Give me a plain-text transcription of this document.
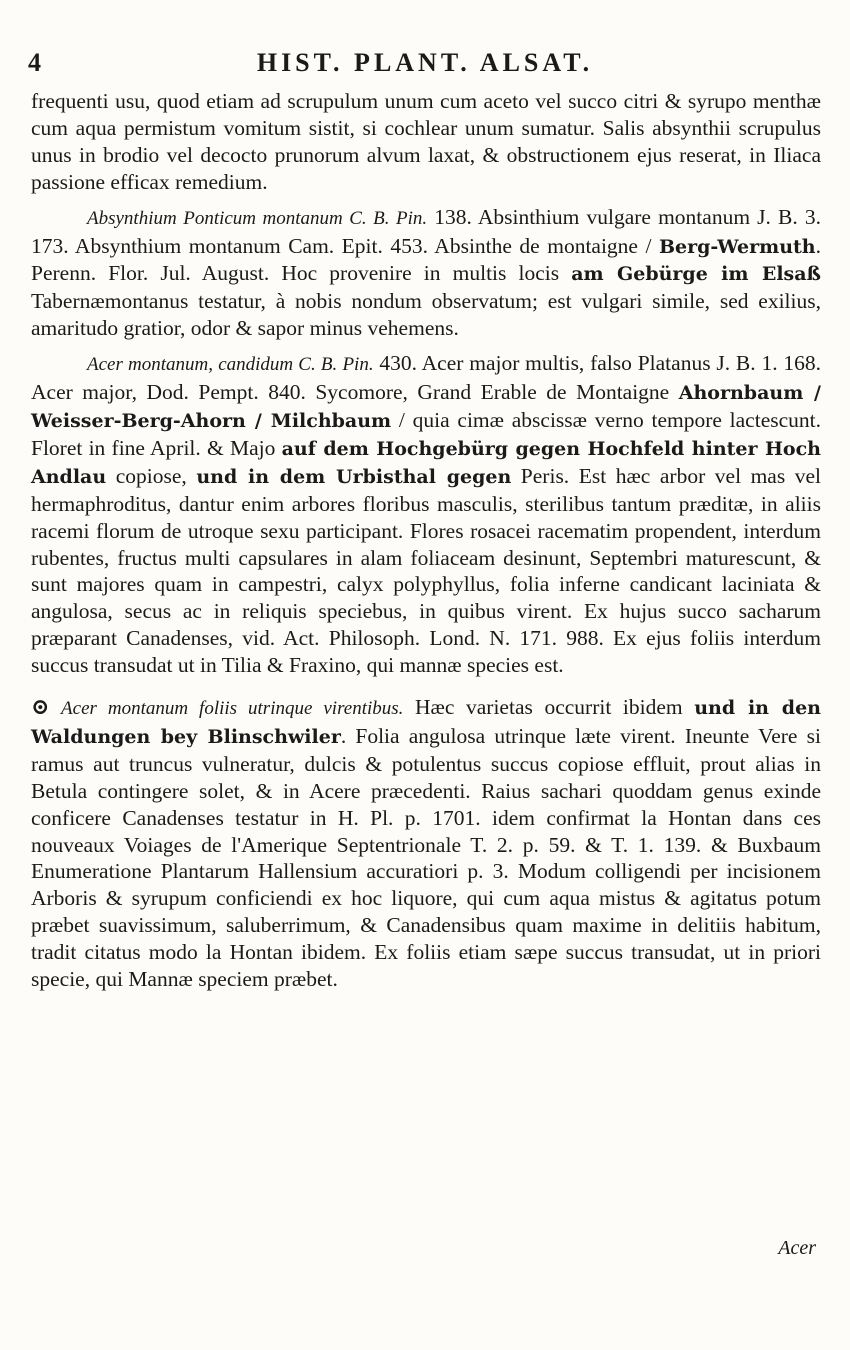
4	HIST. PLANT. ALSAT.

frequenti usu, quod etiam ad scrupulum unum cum aceto vel succo citri & syrupo menthæ cum aqua permistum vomitum sistit, si cochlear unum sumatur. Salis absynthii scrupulus unus in brodio vel decocto prunorum alvum laxat, & obstructionem ejus reserat, in Iliaca passione efficax remedium.

Absynthium Ponticum montanum C. B. Pin. 138. Absinthium vulgare montanum J. B. 3. 173. Absynthium montanum Cam. Epit. 453. Absinthe de montaigne / Berg-Wermuth. Perenn. Flor. Jul. August. Hoc provenire in multis locis am Gebürge im Elsaß Tabernæmontanus testatur, à nobis nondum observatum; est vulgari simile, sed exilius, amaritudo gratior, odor & sapor minus vehemens.

Acer montanum, candidum C. B. Pin. 430. Acer major multis, falso Platanus J. B. 1. 168. Acer major, Dod. Pempt. 840. Sycomore, Grand Erable de Montaigne Ahornbaum / Weisser-Berg-Ahorn / Milchbaum / quia cimæ abscissæ verno tempore lactescunt. Floret in fine April. & Majo auf dem Hochgebürg gegen Hochfeld hinter Hoch Andlau copiose, und in dem Urbisthal gegen Peris. Est hæc arbor vel mas vel hermaphroditus, dantur enim arbores floribus masculis, sterilibus tantum præditæ, in aliis racemi florum de utroque sexu participant. Flores rosacei racematim propendent, interdum rubentes, fructus multi capsulares in alam foliaceam desinunt, Septembri maturescunt, & sunt majores quam in campestri, calyx polyphyllus, folia inferne candicant laciniata & angulosa, secus ac in reliquis speciebus, in quibus virent. Ex hujus succo sacharum præparant Canadenses, vid. Act. Philosoph. Lond. N. 171. 988. Ex ejus foliis interdum succus transudat ut in Tilia & Fraxino, qui mannæ species est.

⊙ Acer montanum foliis utrinque virentibus. Hæc varietas occurrit ibidem und in den Waldungen bey Blinschwiler. Folia angulosa utrinque læte virent. Ineunte Vere si ramus aut truncus vulneratur, dulcis & potulentus succus copiose effluit, prout alias in Betula contingere solet, & in Acere præcedenti. Raius sachari quoddam genus exinde conficere Canadenses testatur in H. Pl. p. 1701. idem confirmat la Hontan dans ces nouveaux Voiages de l'Amerique Septentrionale T. 2. p. 59. & T. 1. 139. & Buxbaum Enumeratione Plantarum Hallensium accuratiori p. 3. Modum colligendi per incisionem Arboris & syrupum conficiendi ex hoc liquore, qui cum aqua mistus & agitatus potum præbet suavissimum, saluberrimum, & Canadensibus quam maxime in delitiis habitum, tradit citatus modo la Hontan ibidem. Ex foliis etiam sæpe succus transudat, ut in priori specie, qui Mannæ speciem præbet.

Acer
